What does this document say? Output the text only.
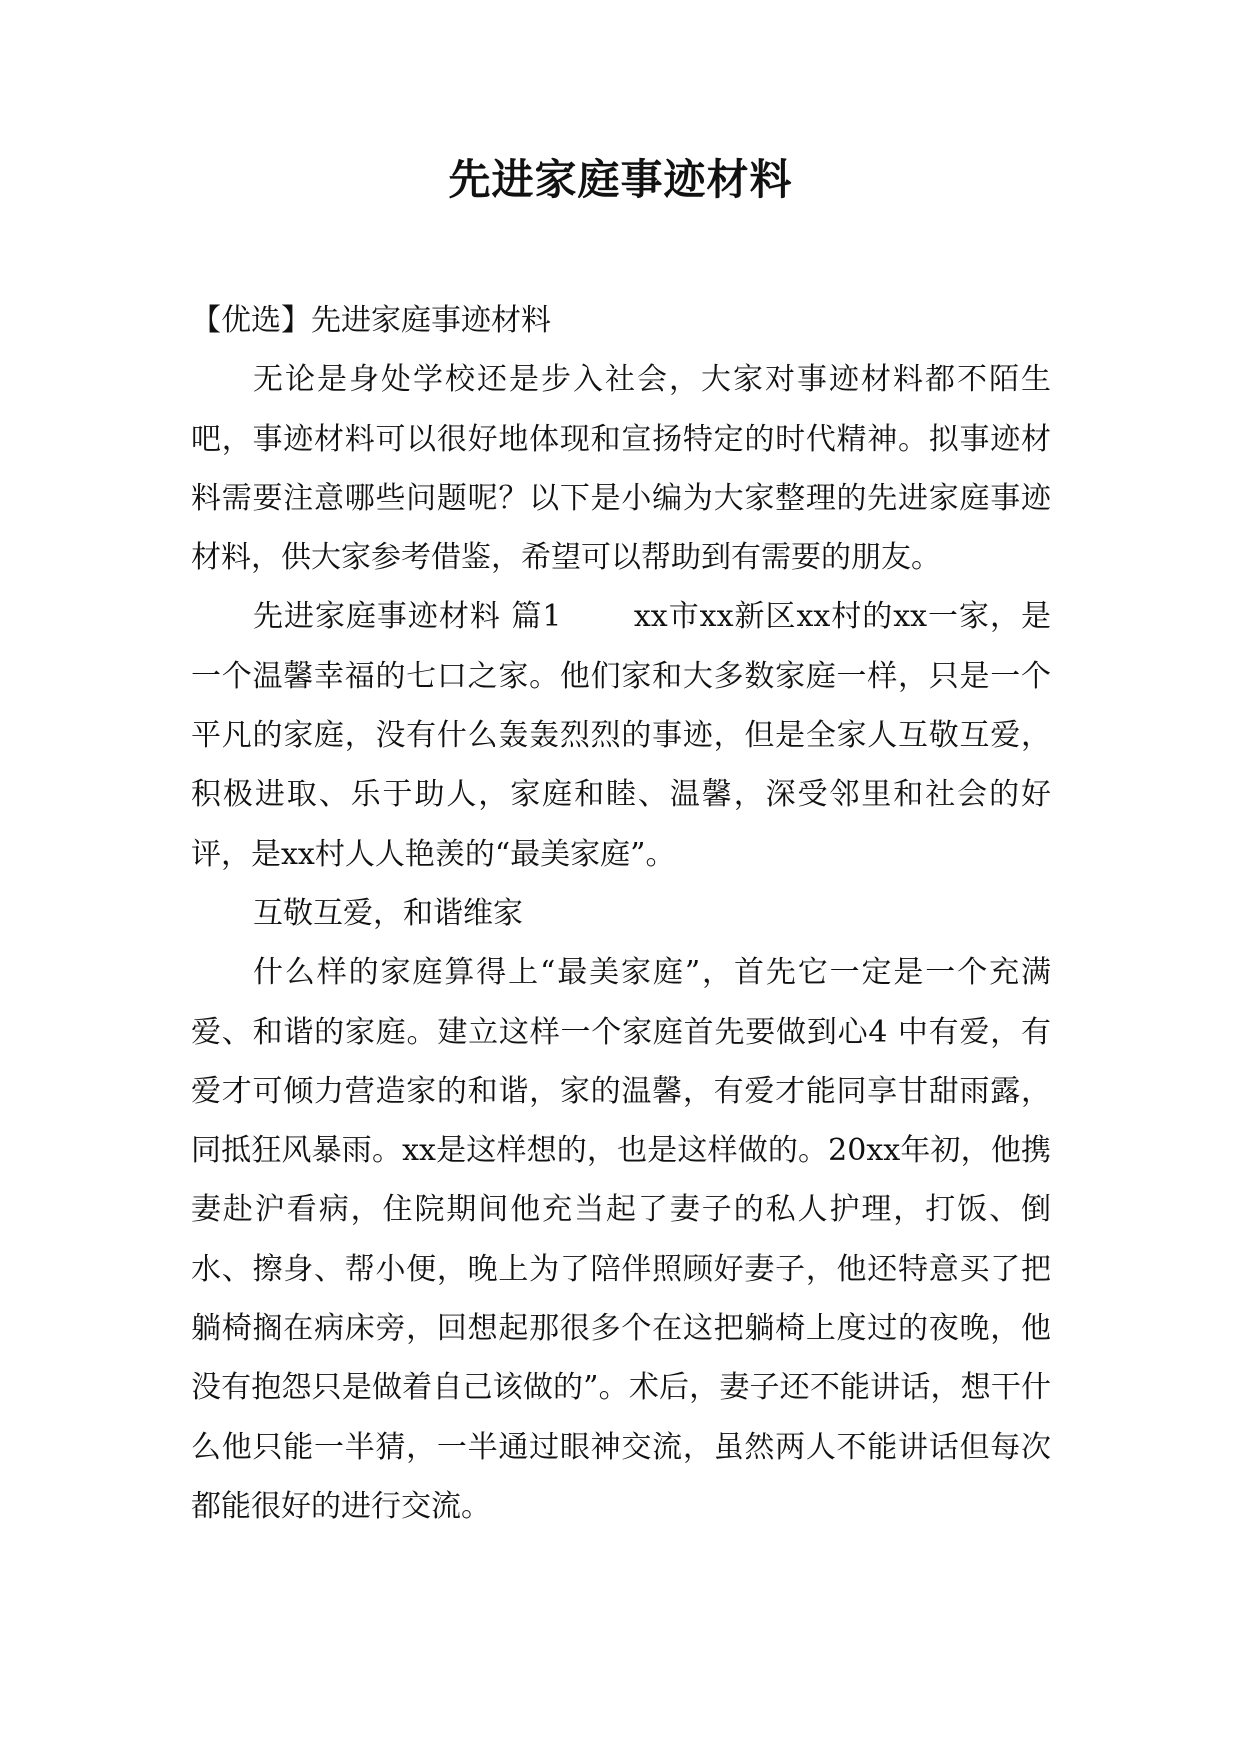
先进家庭事迹材料

【优选】先进家庭事迹材料

无论是身处学校还是步入社会，大家对事迹材料都不陌生吧，事迹材料可以很好地体现和宣扬特定的时代精神。拟事迹材料需要注意哪些问题呢？以下是小编为大家整理的先进家庭事迹材料，供大家参考借鉴，希望可以帮助到有需要的朋友。

先进家庭事迹材料 篇1 　　xx市xx新区xx村的xx一家，是一个温馨幸福的七口之家。他们家和大多数家庭一样，只是一个平凡的家庭，没有什么轰轰烈烈的事迹，但是全家人互敬互爱，积极进取、乐于助人，家庭和睦、温馨，深受邻里和社会的好评，是xx村人人艳羡的“最美家庭”。

互敬互爱，和谐维家

什么样的家庭算得上“最美家庭”，首先它一定是一个充满爱、和谐的家庭。建立这样一个家庭首先要做到心4 中有爱，有爱才可倾力营造家的和谐，家的温馨，有爱才能同享甘甜雨露，同抵狂风暴雨。xx是这样想的，也是这样做的。20xx年初，他携妻赴沪看病，住院期间他充当起了妻子的私人护理，打饭、倒水、擦身、帮小便，晚上为了陪伴照顾好妻子，他还特意买了把躺椅搁在病床旁，回想起那很多个在这把躺椅上度过的夜晚，他没有抱怨只是做着自己该做的”。术后，妻子还不能讲话，想干什么他只能一半猜，一半通过眼神交流，虽然两人不能讲话但每次都能很好的进行交流。
